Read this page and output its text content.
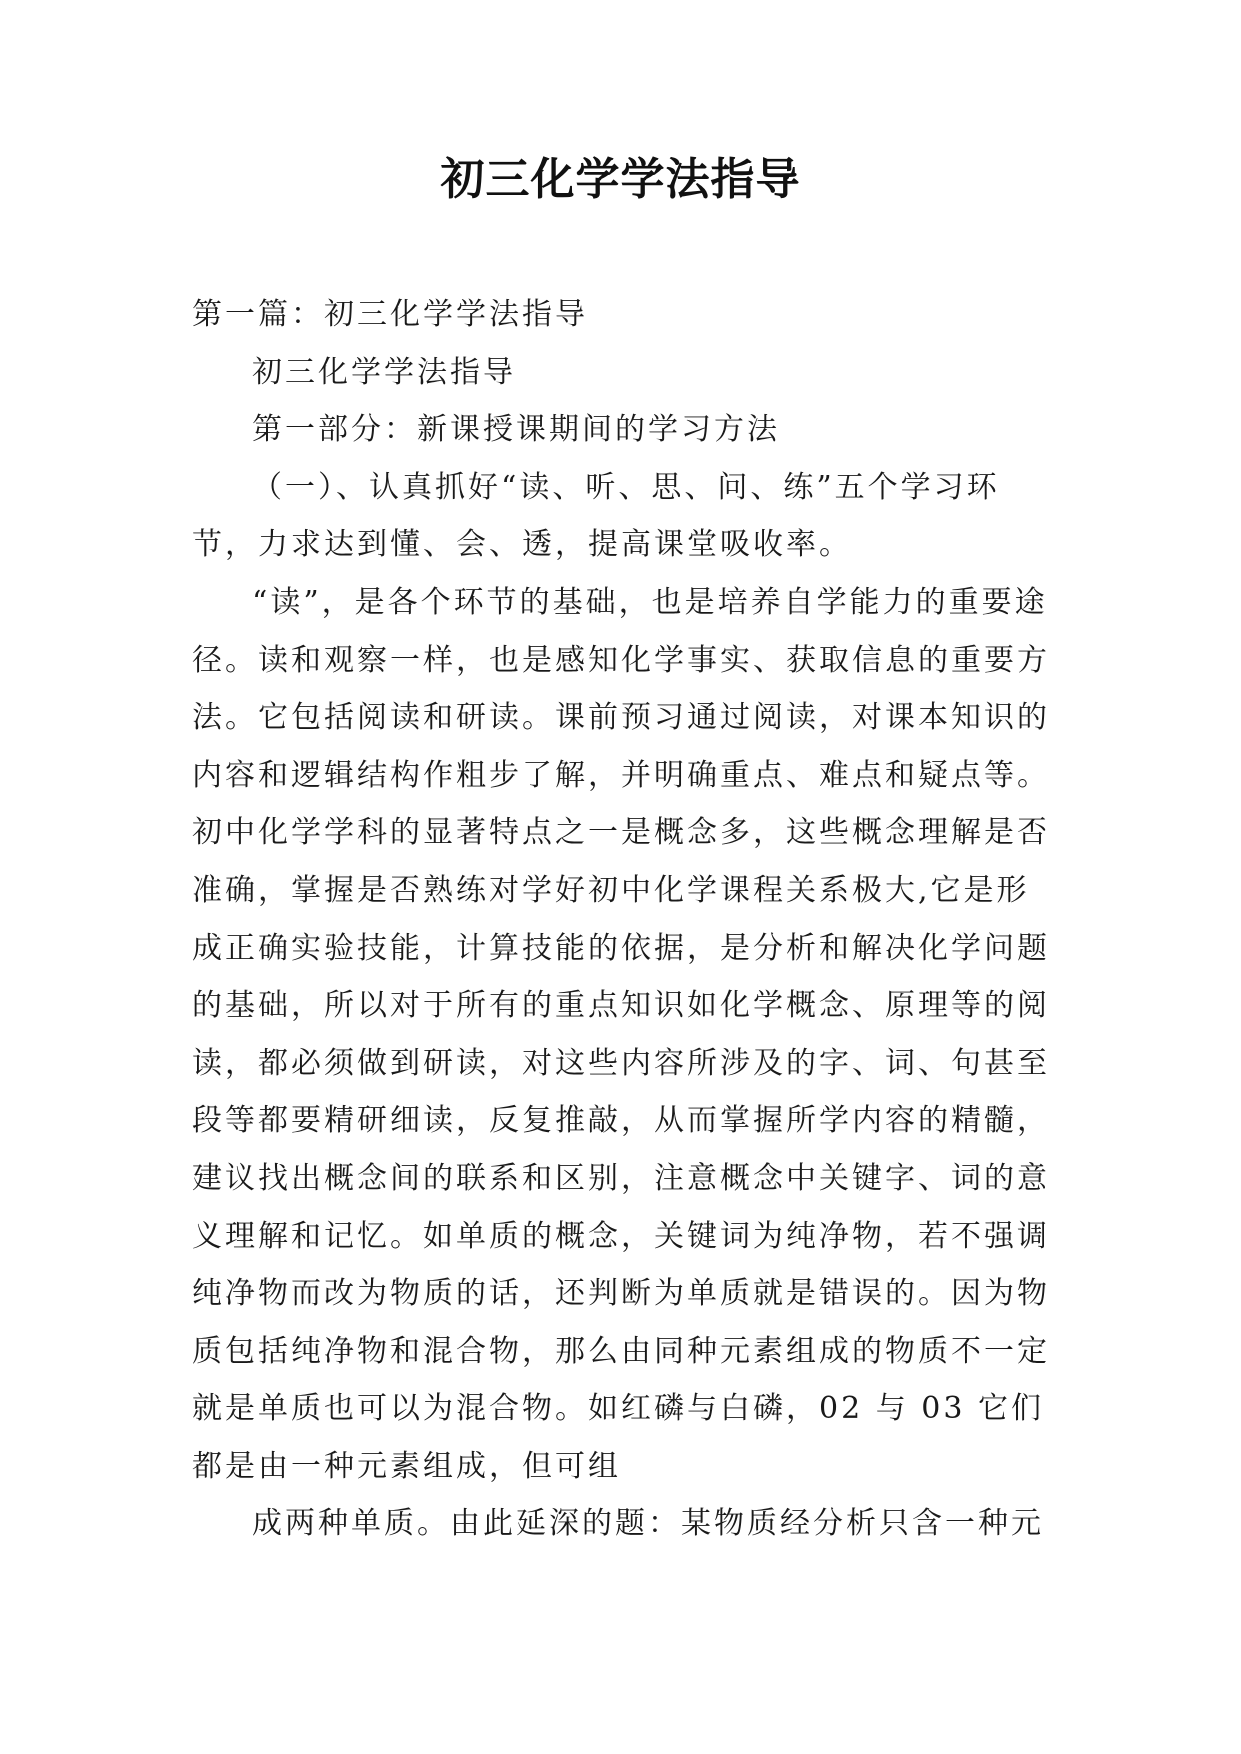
初三化学学法指导

第一篇：初三化学学法指导

初三化学学法指导

第一部分：新课授课期间的学习方法

（一）、认真抓好“读、听、思、问、练”五个学习环节，力求达到懂、会、透，提高课堂吸收率。

“读”，是各个环节的基础，也是培养自学能力的重要途径。读和观察一样，也是感知化学事实、获取信息的重要方法。它包括阅读和研读。课前预习通过阅读，对课本知识的内容和逻辑结构作粗步了解，并明确重点、难点和疑点等。初中化学学科的显著特点之一是概念多，这些概念理解是否准确，掌握是否熟练对学好初中化学课程关系极大,它是形成正确实验技能，计算技能的依据，是分析和解决化学问题的基础，所以对于所有的重点知识如化学概念、原理等的阅读，都必须做到研读，对这些内容所涉及的字、词、句甚至段等都要精研细读，反复推敲，从而掌握所学内容的精髓，建议找出概念间的联系和区别，注意概念中关键字、词的意义理解和记忆。如单质的概念，关键词为纯净物，若不强调纯净物而改为物质的话，还判断为单质就是错误的。因为物质包括纯净物和混合物，那么由同种元素组成的物质不一定就是单质也可以为混合物。如红磷与白磷，02 与 03 它们都是由一种元素组成，但可组

成两种单质。由此延深的题：某物质经分析只含一种元
